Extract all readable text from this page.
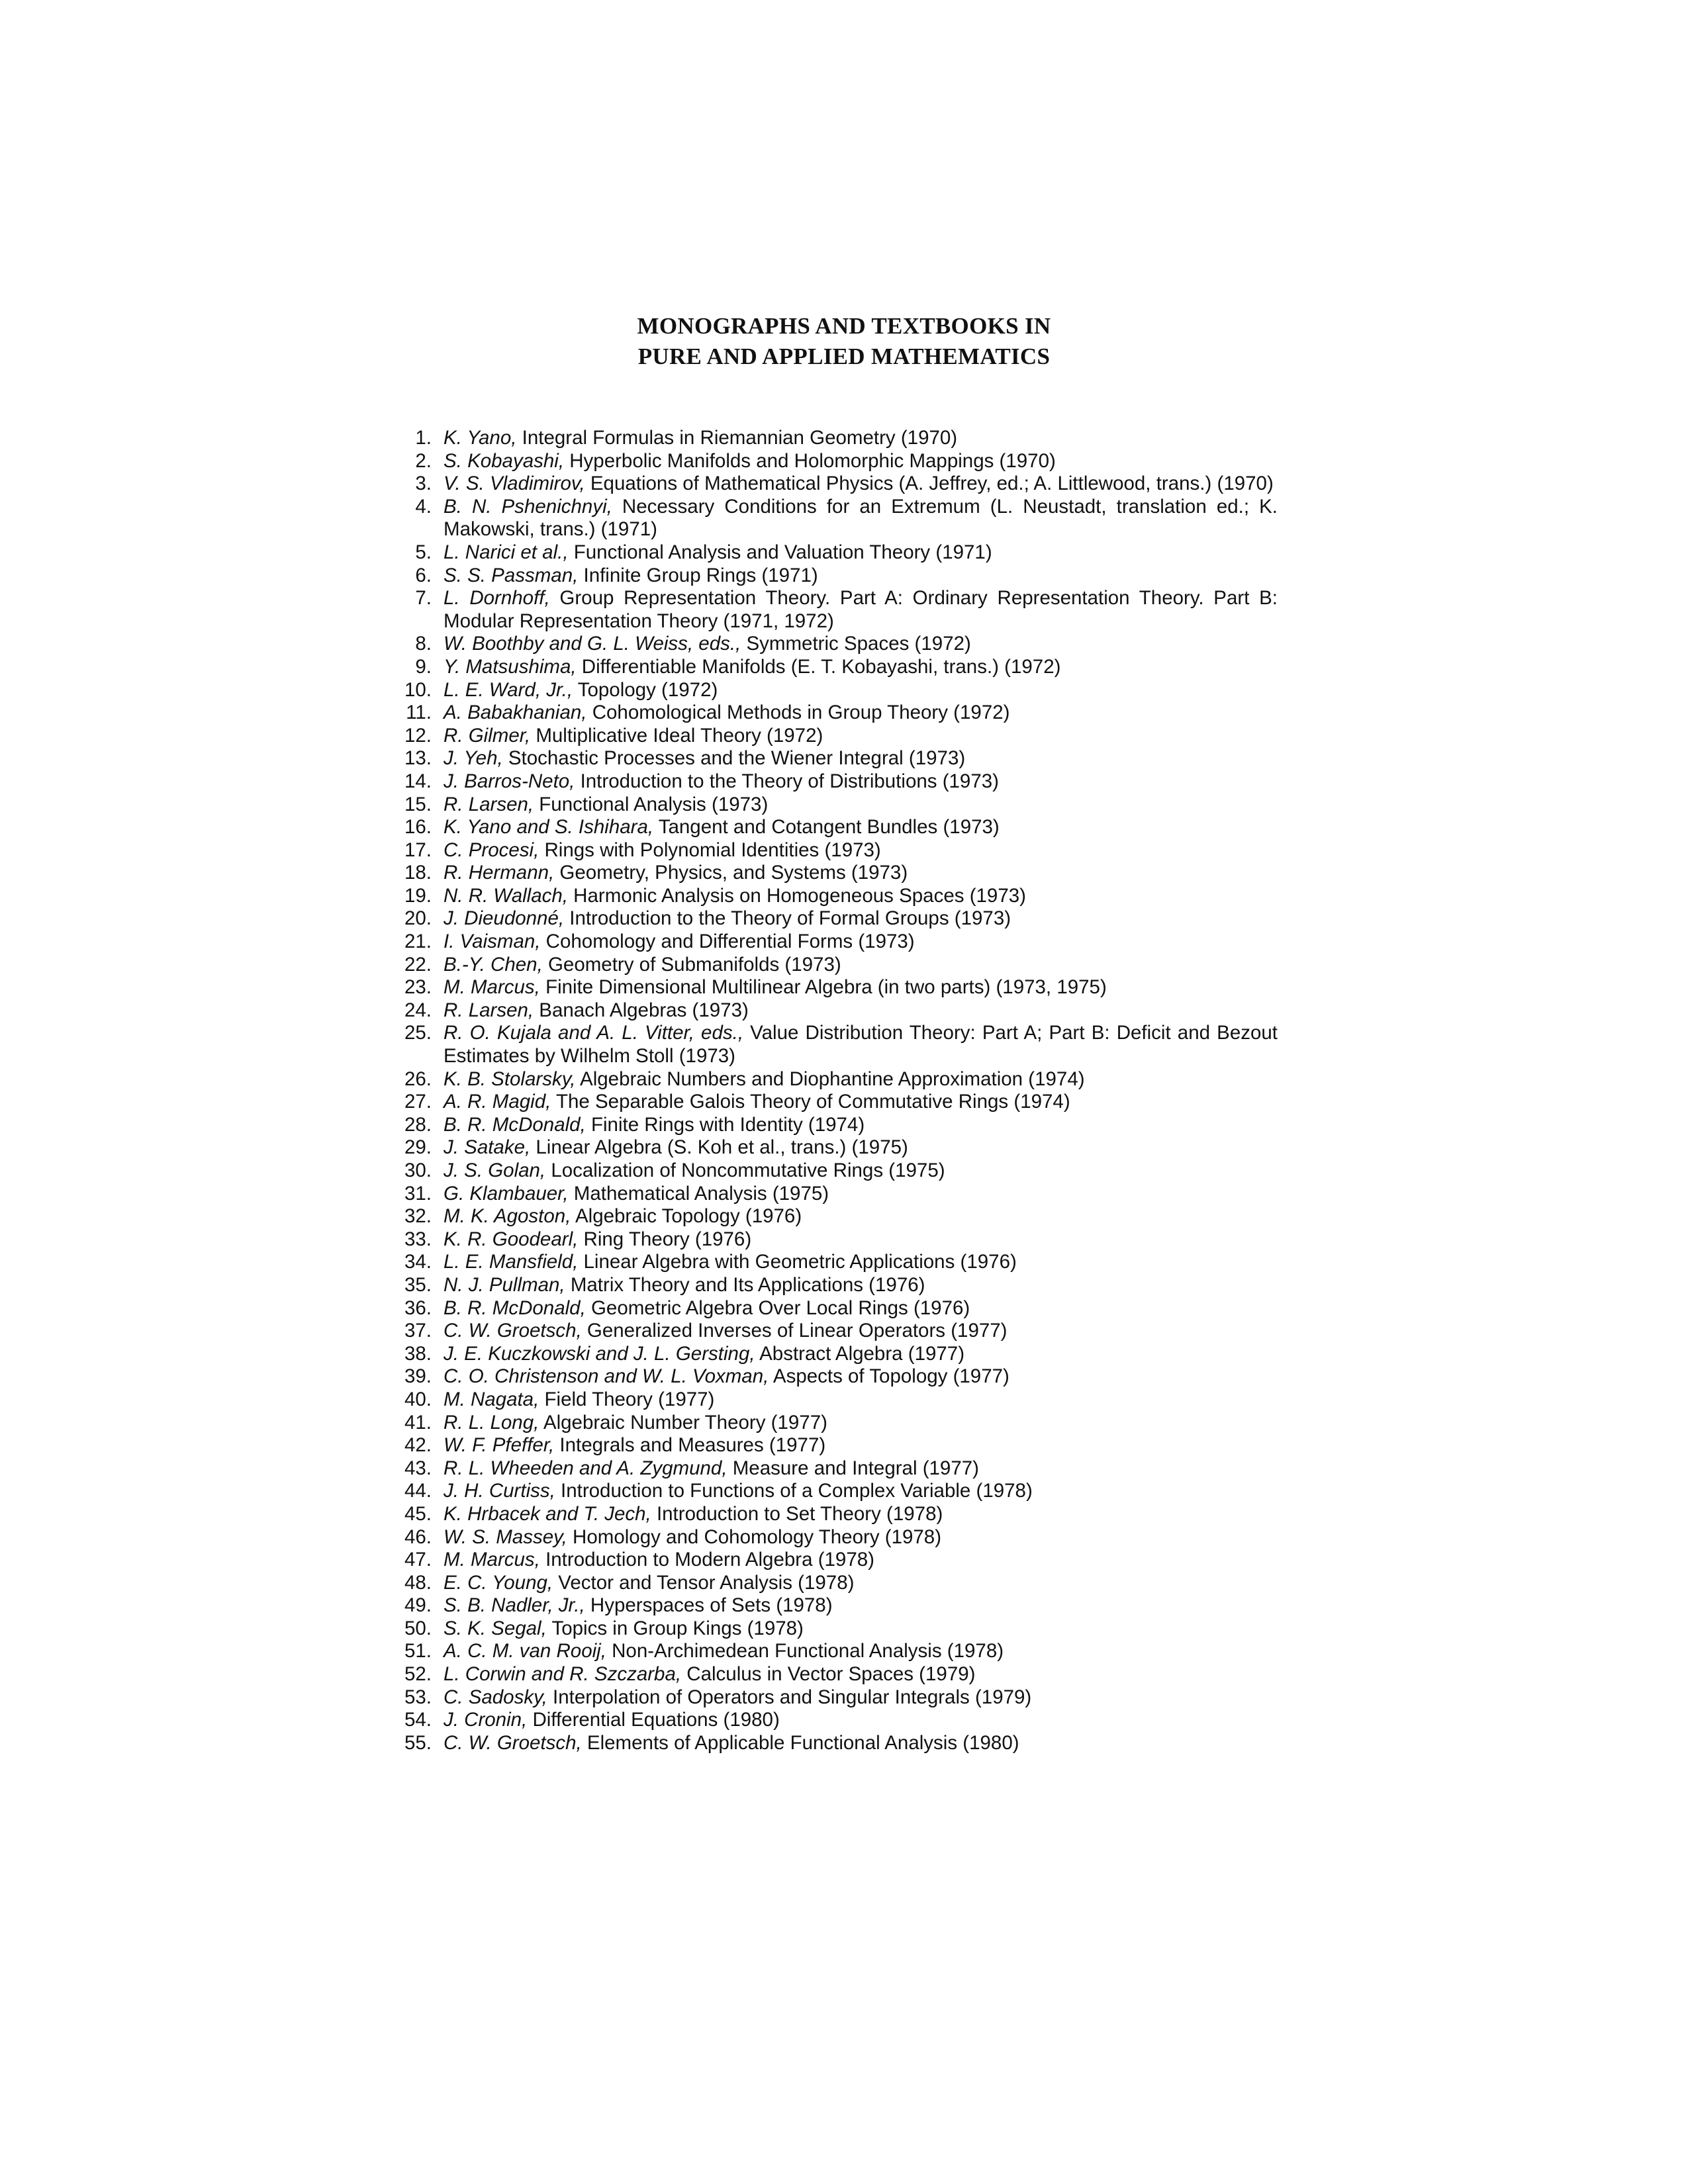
MONOGRAPHS AND TEXTBOOKS IN
PURE AND APPLIED MATHEMATICS
1. K. Yano, Integral Formulas in Riemannian Geometry (1970)
2. S. Kobayashi, Hyperbolic Manifolds and Holomorphic Mappings (1970)
3. V. S. Vladimirov, Equations of Mathematical Physics (A. Jeffrey, ed.; A. Littlewood, trans.) (1970)
4. B. N. Pshenichnyi, Necessary Conditions for an Extremum (L. Neustadt, translation ed.; K. Makowski, trans.) (1971)
5. L. Narici et al., Functional Analysis and Valuation Theory (1971)
6. S. S. Passman, Infinite Group Rings (1971)
7. L. Dornhoff, Group Representation Theory. Part A: Ordinary Representation Theory. Part B: Modular Representation Theory (1971, 1972)
8. W. Boothby and G. L. Weiss, eds., Symmetric Spaces (1972)
9. Y. Matsushima, Differentiable Manifolds (E. T. Kobayashi, trans.) (1972)
10. L. E. Ward, Jr., Topology (1972)
11. A. Babakhanian, Cohomological Methods in Group Theory (1972)
12. R. Gilmer, Multiplicative Ideal Theory (1972)
13. J. Yeh, Stochastic Processes and the Wiener Integral (1973)
14. J. Barros-Neto, Introduction to the Theory of Distributions (1973)
15. R. Larsen, Functional Analysis (1973)
16. K. Yano and S. Ishihara, Tangent and Cotangent Bundles (1973)
17. C. Procesi, Rings with Polynomial Identities (1973)
18. R. Hermann, Geometry, Physics, and Systems (1973)
19. N. R. Wallach, Harmonic Analysis on Homogeneous Spaces (1973)
20. J. Dieudonné, Introduction to the Theory of Formal Groups (1973)
21. I. Vaisman, Cohomology and Differential Forms (1973)
22. B.-Y. Chen, Geometry of Submanifolds (1973)
23. M. Marcus, Finite Dimensional Multilinear Algebra (in two parts) (1973, 1975)
24. R. Larsen, Banach Algebras (1973)
25. R. O. Kujala and A. L. Vitter, eds., Value Distribution Theory: Part A; Part B: Deficit and Bezout Estimates by Wilhelm Stoll (1973)
26. K. B. Stolarsky, Algebraic Numbers and Diophantine Approximation (1974)
27. A. R. Magid, The Separable Galois Theory of Commutative Rings (1974)
28. B. R. McDonald, Finite Rings with Identity (1974)
29. J. Satake, Linear Algebra (S. Koh et al., trans.) (1975)
30. J. S. Golan, Localization of Noncommutative Rings (1975)
31. G. Klambauer, Mathematical Analysis (1975)
32. M. K. Agoston, Algebraic Topology (1976)
33. K. R. Goodearl, Ring Theory (1976)
34. L. E. Mansfield, Linear Algebra with Geometric Applications (1976)
35. N. J. Pullman, Matrix Theory and Its Applications (1976)
36. B. R. McDonald, Geometric Algebra Over Local Rings (1976)
37. C. W. Groetsch, Generalized Inverses of Linear Operators (1977)
38. J. E. Kuczkowski and J. L. Gersting, Abstract Algebra (1977)
39. C. O. Christenson and W. L. Voxman, Aspects of Topology (1977)
40. M. Nagata, Field Theory (1977)
41. R. L. Long, Algebraic Number Theory (1977)
42. W. F. Pfeffer, Integrals and Measures (1977)
43. R. L. Wheeden and A. Zygmund, Measure and Integral (1977)
44. J. H. Curtiss, Introduction to Functions of a Complex Variable (1978)
45. K. Hrbacek and T. Jech, Introduction to Set Theory (1978)
46. W. S. Massey, Homology and Cohomology Theory (1978)
47. M. Marcus, Introduction to Modern Algebra (1978)
48. E. C. Young, Vector and Tensor Analysis (1978)
49. S. B. Nadler, Jr., Hyperspaces of Sets (1978)
50. S. K. Segal, Topics in Group Kings (1978)
51. A. C. M. van Rooij, Non-Archimedean Functional Analysis (1978)
52. L. Corwin and R. Szczarba, Calculus in Vector Spaces (1979)
53. C. Sadosky, Interpolation of Operators and Singular Integrals (1979)
54. J. Cronin, Differential Equations (1980)
55. C. W. Groetsch, Elements of Applicable Functional Analysis (1980)
